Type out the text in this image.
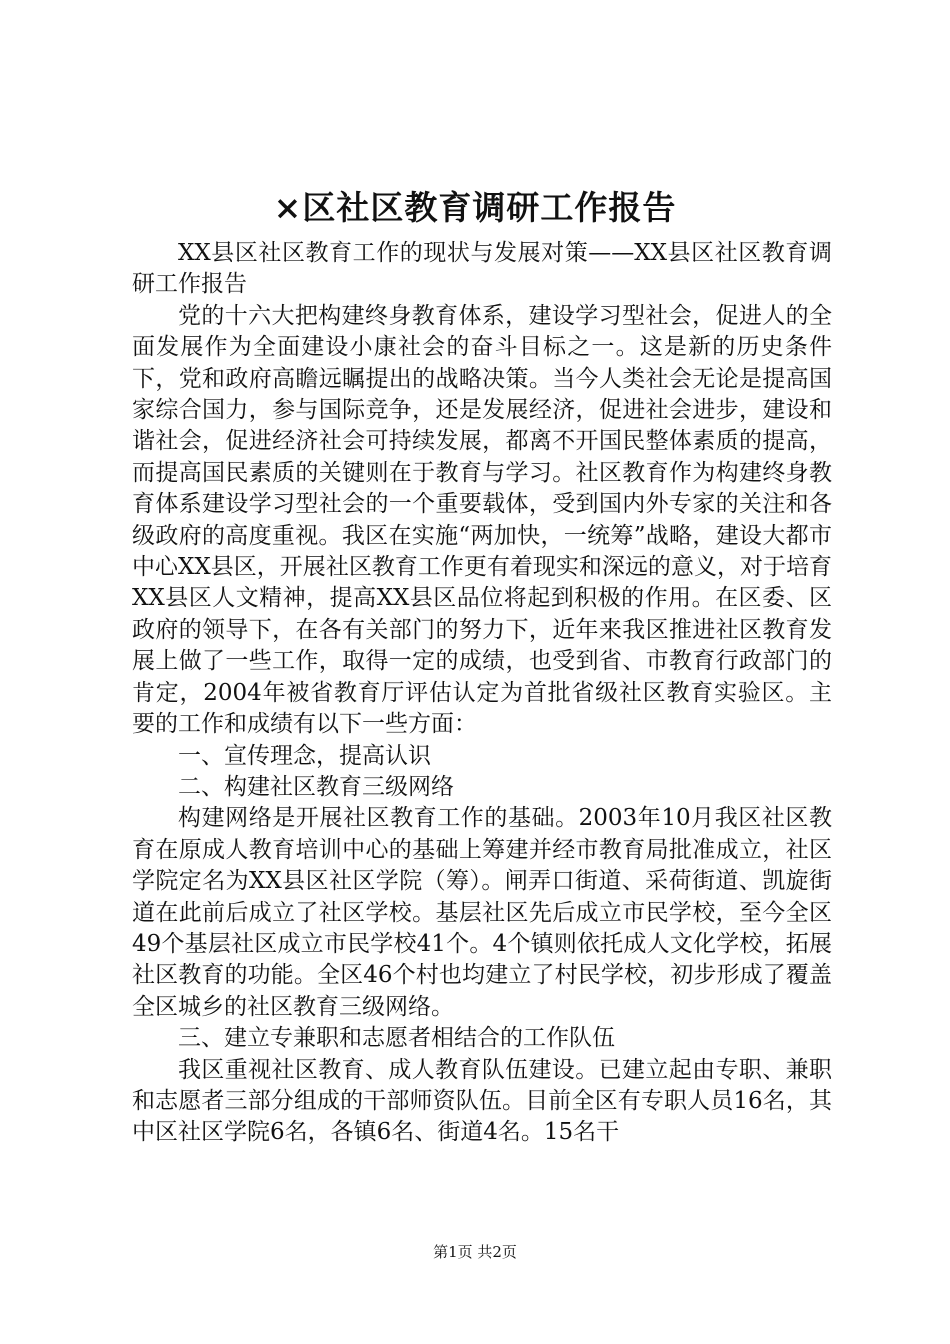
×区社区教育调研工作报告

XX县区社区教育工作的现状与发展对策——XX县区社区教育调研工作报告

党的十六大把构建终身教育体系，建设学习型社会，促进人的全面发展作为全面建设小康社会的奋斗目标之一。这是新的历史条件下，党和政府高瞻远瞩提出的战略决策。当今人类社会无论是提高国家综合国力，参与国际竞争，还是发展经济，促进社会进步，建设和谐社会，促进经济社会可持续发展，都离不开国民整体素质的提高，而提高国民素质的关键则在于教育与学习。社区教育作为构建终身教育体系建设学习型社会的一个重要载体，受到国内外专家的关注和各级政府的高度重视。我区在实施“两加快，一统筹”战略，建设大都市中心XX县区，开展社区教育工作更有着现实和深远的意义，对于培育XX县区人文精神，提高XX县区品位将起到积极的作用。在区委、区政府的领导下，在各有关部门的努力下，近年来我区推进社区教育发展上做了一些工作，取得一定的成绩，也受到省、市教育行政部门的肯定，2004年被省教育厅评估认定为首批省级社区教育实验区。主要的工作和成绩有以下一些方面：

一、宣传理念，提高认识

二、构建社区教育三级网络

构建网络是开展社区教育工作的基础。2003年10月我区社区教育在原成人教育培训中心的基础上筹建并经市教育局批准成立，社区学院定名为XX县区社区学院（筹）。闸弄口街道、采荷街道、凯旋街道在此前后成立了社区学校。基层社区先后成立市民学校，至今全区49个基层社区成立市民学校41个。4个镇则依托成人文化学校，拓展社区教育的功能。全区46个村也均建立了村民学校，初步形成了覆盖全区城乡的社区教育三级网络。

三、建立专兼职和志愿者相结合的工作队伍

我区重视社区教育、成人教育队伍建设。已建立起由专职、兼职和志愿者三部分组成的干部师资队伍。目前全区有专职人员16名，其中区社区学院6名，各镇6名、街道4名。15名干

第1页 共2页
